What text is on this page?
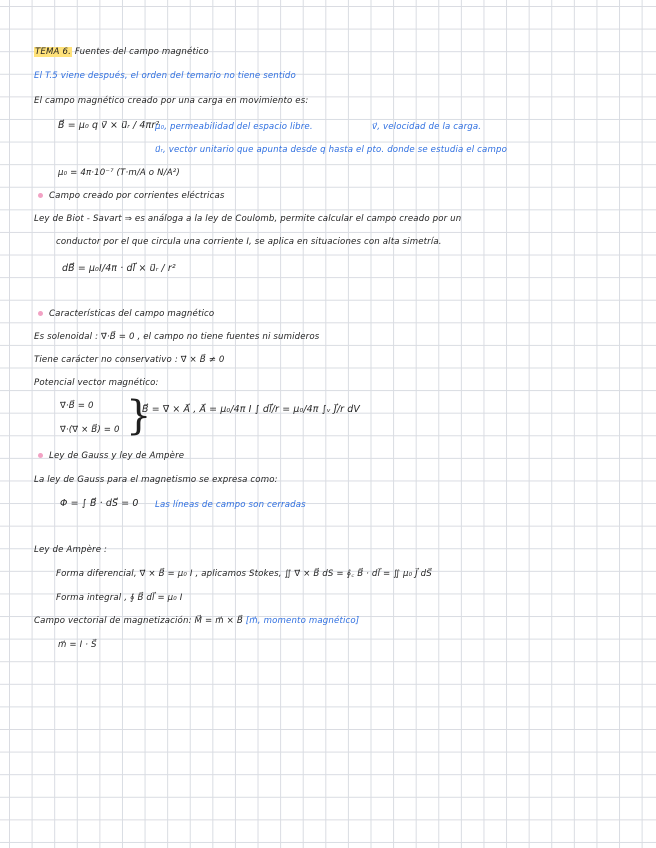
TEMA 6. Fuentes del campo magnético
El T.5 viene después, el orden del temario no tiene sentido
El campo magnético creado por una carga en movimiento es:
B⃗ = μ₀ q v⃗ × u⃗ᵣ / 4πr²
μ₀, permeabilidad del espacio libre.	v⃗, velocidad de la carga.
u⃗ᵣ, vector unitario que apunta desde q hasta el pto. donde se estudia el campo
μ₀ = 4π·10⁻⁷ (T·m/A o N/A²)
Campo creado por corrientes eléctricas
Ley de Biot - Savart ⇒ es análoga a la ley de Coulomb, permite calcular el campo creado por un
conductor por el que circula una corriente I, se aplica en situaciones con alta simetría.
dB⃗ = μ₀I/4π · dl⃗ × u⃗ᵣ / r²
Características del campo magnético
Es solenoidal : ∇⃗·B⃗ = 0 , el campo no tiene fuentes ni sumideros
Tiene carácter no conservativo : ∇⃗ × B⃗ ≠ 0
Potencial vector magnético:
∇⃗·B⃗ = 0
∇⃗·(∇⃗ × B⃗) = 0 }
B⃗ = ∇⃗ × A⃗ , A⃗ = μ₀/4π I ∫ dl⃗/r = μ₀/4π ∫ᵥ J⃗/r dV
Ley de Gauss y ley de Ampère
La ley de Gauss para el magnetismo se expresa como:
Φ = ∫ B⃗ · dS⃗ = 0 Las líneas de campo son cerradas
Ley de Ampère :
Forma diferencial, ∇⃗ × B⃗ = μ₀ I , aplicamos Stokes, ∬ ∇⃗ × B⃗ dS = ∮꜀ B⃗ · dl⃗ = ∬ μ₀ J⃗ dS⃗
Forma integral , ∮ B⃗ dl⃗ = μ₀ I
Campo vectorial de magnetización: M⃗ = m⃗ × B⃗ [m⃗, momento magnético]
m⃗ = I · S⃗
